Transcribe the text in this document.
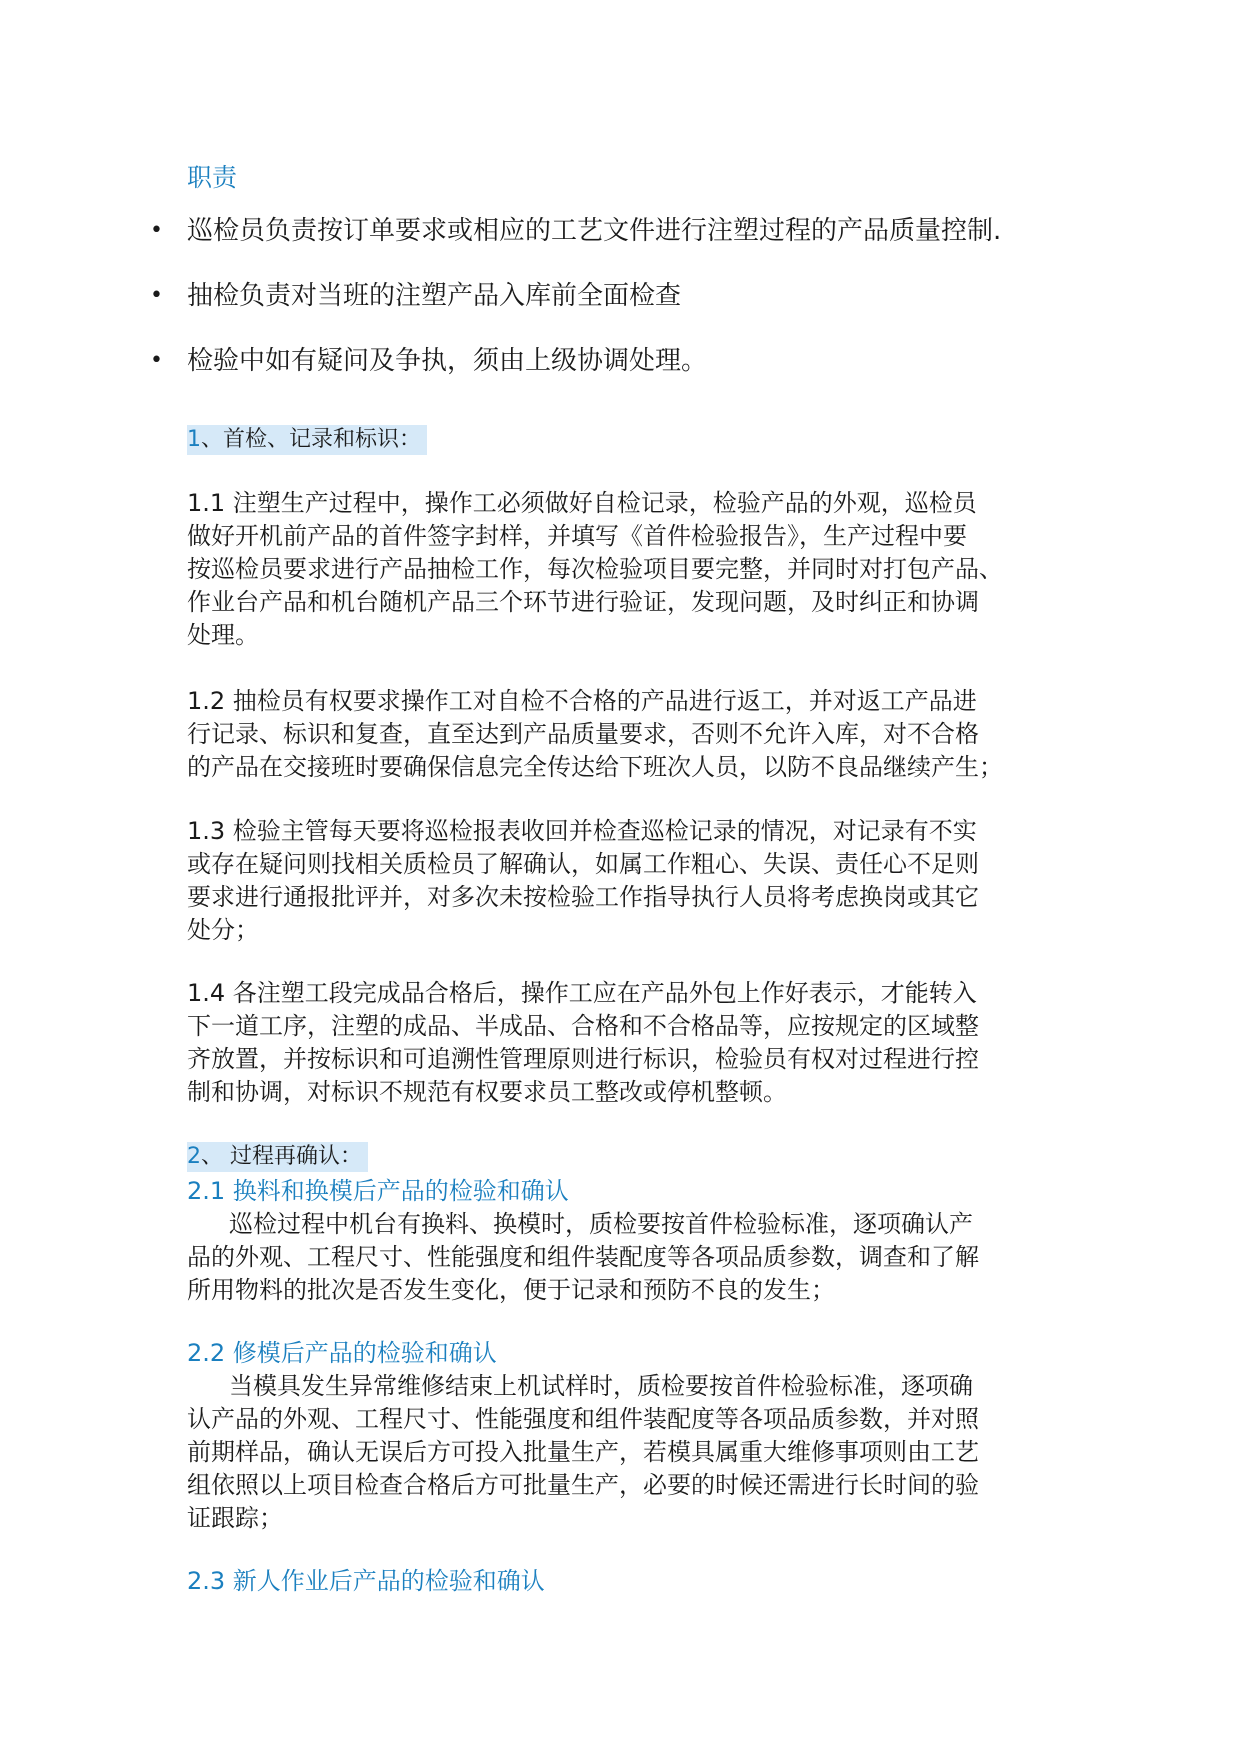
职责
• 巡检员负责按订单要求或相应的工艺文件进行注塑过程的产品质量控制.
• 抽检负责对当班的注塑产品入库前全面检查
• 检验中如有疑问及争执，须由上级协调处理。
1、首检、记录和标识：
1.1 注塑生产过程中，操作工必须做好自检记录，检验产品的外观，巡检员
做好开机前产品的首件签字封样，并填写《首件检验报告》，生产过程中要
按巡检员要求进行产品抽检工作，每次检验项目要完整，并同时对打包产品、
作业台产品和机台随机产品三个环节进行验证，发现问题，及时纠正和协调
处理。
1.2 抽检员有权要求操作工对自检不合格的产品进行返工，并对返工产品进
行记录、标识和复查，直至达到产品质量要求，否则不允许入库，对不合格
的产品在交接班时要确保信息完全传达给下班次人员，以防不良品继续产生；
1.3 检验主管每天要将巡检报表收回并检查巡检记录的情况，对记录有不实
或存在疑问则找相关质检员了解确认，如属工作粗心、失误、责任心不足则
要求进行通报批评并，对多次未按检验工作指导执行人员将考虑换岗或其它
处分；
1.4 各注塑工段完成品合格后，操作工应在产品外包上作好表示，才能转入
下一道工序，注塑的成品、半成品、合格和不合格品等，应按规定的区域整
齐放置，并按标识和可追溯性管理原则进行标识，检验员有权对过程进行控
制和协调，对标识不规范有权要求员工整改或停机整顿。
2、 过程再确认：
2.1 换料和换模后产品的检验和确认
巡检过程中机台有换料、换模时，质检要按首件检验标准，逐项确认产
品的外观、工程尺寸、性能强度和组件装配度等各项品质参数，调查和了解
所用物料的批次是否发生变化，便于记录和预防不良的发生；
2.2 修模后产品的检验和确认
当模具发生异常维修结束上机试样时，质检要按首件检验标准，逐项确
认产品的外观、工程尺寸、性能强度和组件装配度等各项品质参数，并对照
前期样品，确认无误后方可投入批量生产，若模具属重大维修事项则由工艺
组依照以上项目检查合格后方可批量生产，必要的时候还需进行长时间的验
证跟踪；
2.3 新人作业后产品的检验和确认
